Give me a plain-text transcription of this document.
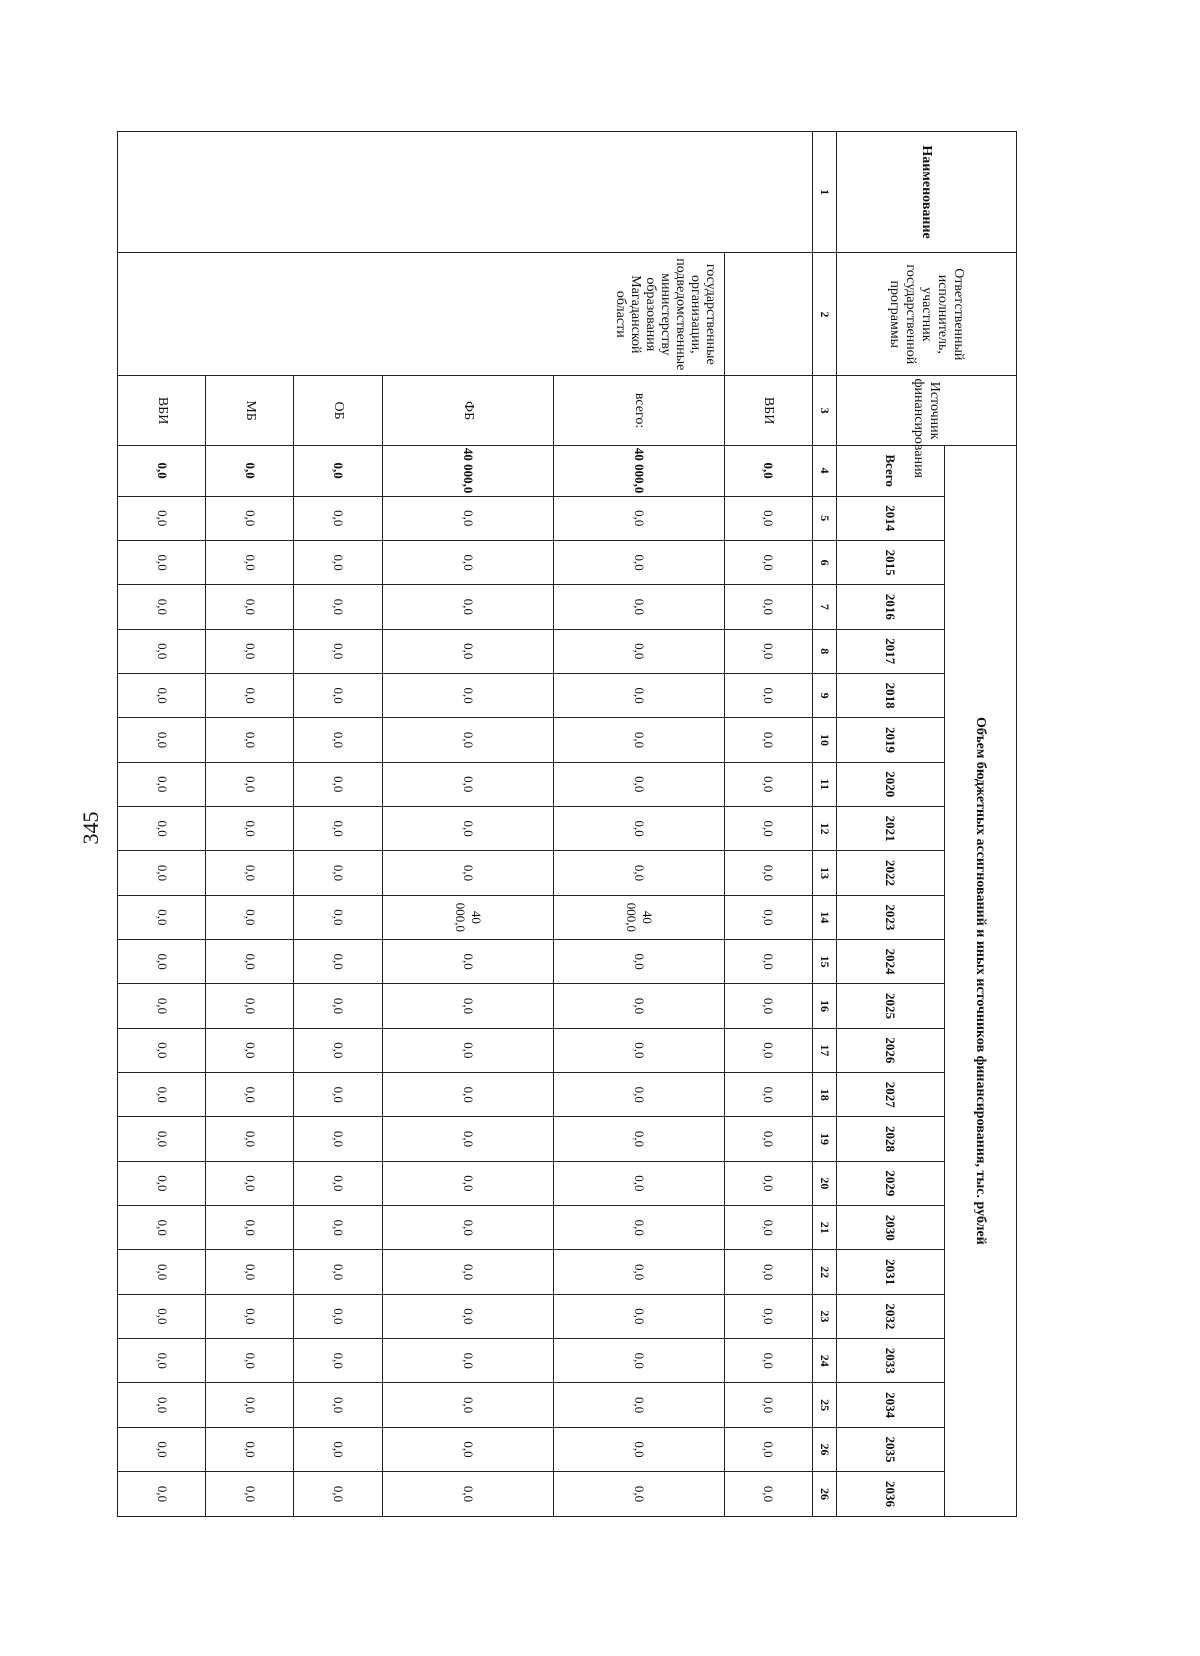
345
Наименование	Ответственный исполнитель, участник государственной программы	Источник финансирования	Объем бюджетных ассигнований и иных источников финансирования, тыс. рублей																							
			Всего	2014	2015	2016	2017	2018	2019	2020	2021	2022	2023	2024	2025	2026	2027	2028	2029	2030	2031	2032	2033	2034	2035	2036
1	2	3	4	5	6	7	8	9	10	11	12	13	14	15	16	17	18	19	20	21	22	23	24	25	26	26
		ВБИ	0,0	0,0	0,0	0,0	0,0	0,0	0,0	0,0	0,0	0,0	0,0	0,0	0,0	0,0	0,0	0,0	0,0	0,0	0,0	0,0	0,0	0,0	0,0	0,0
	государственные организации, подведомственные министерству образования Магаданской области	всего:	40 000,0	0,0	0,0	0,0	0,0	0,0	0,0	0,0	0,0	0,0	40 000,0	0,0	0,0	0,0	0,0	0,0	0,0	0,0	0,0	0,0	0,0	0,0	0,0	0,0
		ФБ	40 000,0	0,0	0,0	0,0	0,0	0,0	0,0	0,0	0,0	0,0	40 000,0	0,0	0,0	0,0	0,0	0,0	0,0	0,0	0,0	0,0	0,0	0,0	0,0	0,0
		ОБ	0,0	0,0	0,0	0,0	0,0	0,0	0,0	0,0	0,0	0,0	0,0	0,0	0,0	0,0	0,0	0,0	0,0	0,0	0,0	0,0	0,0	0,0	0,0	0,0
		МБ	0,0	0,0	0,0	0,0	0,0	0,0	0,0	0,0	0,0	0,0	0,0	0,0	0,0	0,0	0,0	0,0	0,0	0,0	0,0	0,0	0,0	0,0	0,0	0,0
		ВБИ	0,0	0,0	0,0	0,0	0,0	0,0	0,0	0,0	0,0	0,0	0,0	0,0	0,0	0,0	0,0	0,0	0,0	0,0	0,0	0,0	0,0	0,0	0,0	0,0
